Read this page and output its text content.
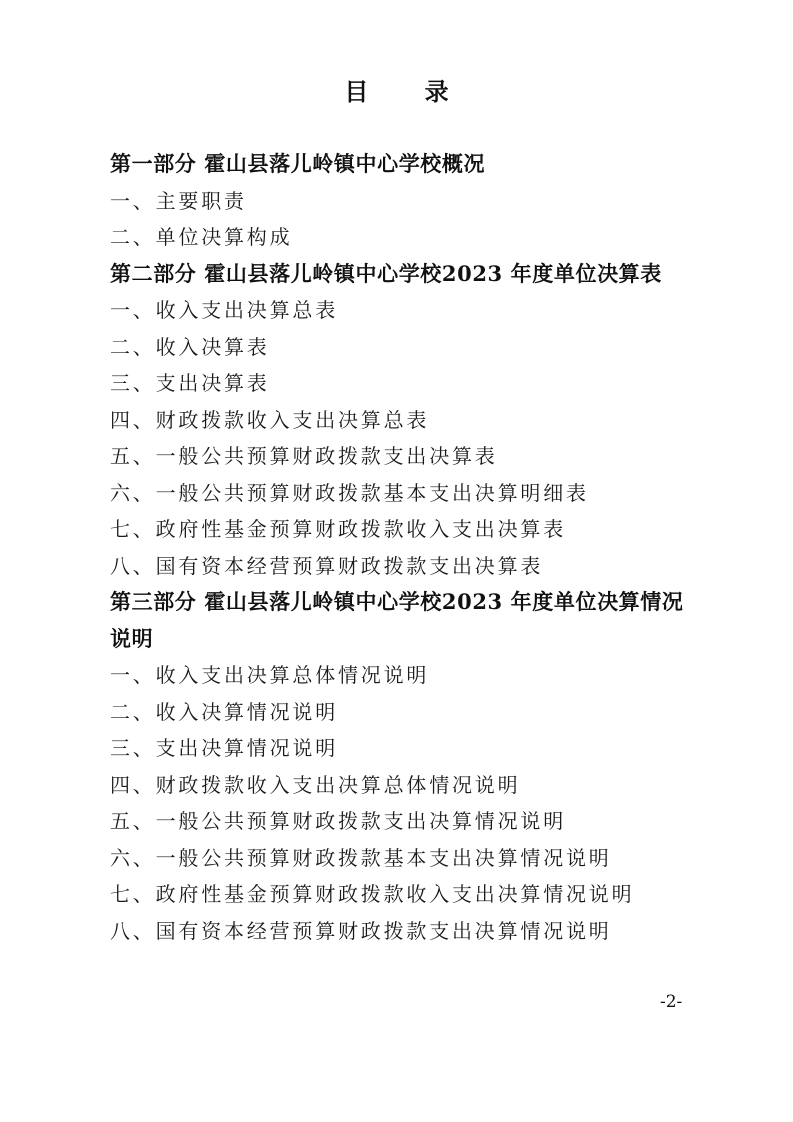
目 录
第一部分 霍山县落儿岭镇中心学校概况
一、主要职责
二、单位决算构成
第二部分 霍山县落儿岭镇中心学校2023 年度单位决算表
一、收入支出决算总表
二、收入决算表
三、支出决算表
四、财政拨款收入支出决算总表
五、一般公共预算财政拨款支出决算表
六、一般公共预算财政拨款基本支出决算明细表
七、政府性基金预算财政拨款收入支出决算表
八、国有资本经营预算财政拨款支出决算表
第三部分 霍山县落儿岭镇中心学校2023 年度单位决算情况说明
一、收入支出决算总体情况说明
二、收入决算情况说明
三、支出决算情况说明
四、财政拨款收入支出决算总体情况说明
五、一般公共预算财政拨款支出决算情况说明
六、一般公共预算财政拨款基本支出决算情况说明
七、政府性基金预算财政拨款收入支出决算情况说明
八、国有资本经营预算财政拨款支出决算情况说明
-2-
